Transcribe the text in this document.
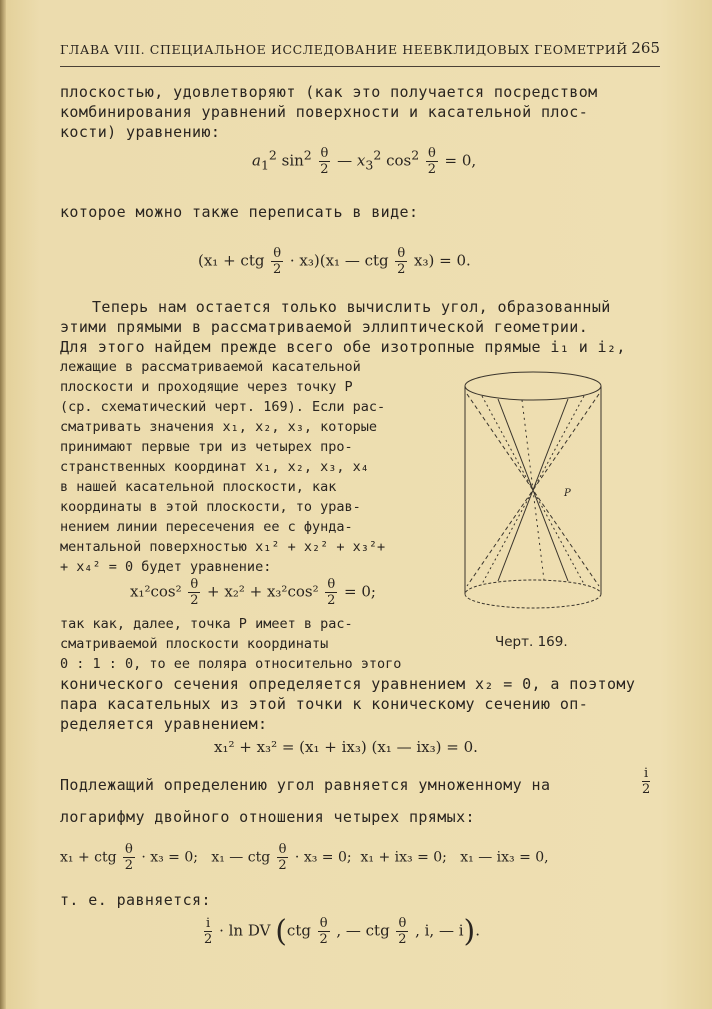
ГЛАВА VIII. СПЕЦИАЛЬНОЕ ИССЛЕДОВАНИЕ НЕЕВКЛИДОВЫХ ГЕОМЕТРИЙ 265
плоскостью, удовлетворяют (как это получается посредством
комбинирования уравнений поверхности и касательной плос-
кости) уравнению:
$a_1^2$ $\sin^2 \frac{\theta}{2}$ — $x_3^2$ $\cos^2 \frac{\theta}{2} = 0$,
которое можно также переписать в виде:
(x₁ + ctg $\frac{\theta}{2} \cdot x_3)(x_1$ — ctg $\frac{\theta}{2} x_3) = 0$.
Теперь нам остается только вычислить угол, образованный
этими прямыми в рассматриваемой эллиптической геометрии.
Для этого найдем прежде всего обе изотропные прямые i₁ и i₂,
лежащие в рассматриваемой касательной
плоскости и проходящие через точку P
(ср. схематический черт. 169). Если рас-
сматривать значения x₁, x₂, x₃, которые
принимают первые три из четырех про-
странственных координат x₁, x₂, x₃, x₄
в нашей касательной плоскости, как
координаты в этой плоскости, то урав-
нением линии пересечения ее с фунда-
ментальной поверхностью x₁² + x₂² + x₃²+
+ x₄² = 0 будет уравнение:
$x_1^2\cos^2 \frac{\theta}{2} + x_2^2 + x_3^2\cos^2 \frac{\theta}{2} = 0$;
так как, далее, точка P имеет в рас-
сматриваемой плоскости координаты
0 : 1 : 0, то ее поляра относительно этого
конического сечения определяется уравнением x₂ = 0, а поэтому
пара касательных из этой точки к коническому сечению оп-
ределяется уравнением:
x₁² + x₃² = (x₁ + ix₃) (x₁ — ix₃) = 0.
Подлежащий определению угол равняется умноженному на	$\frac{i}{2}$
логарифму двойного отношения четырех прямых:
x₁ + ctg $\frac{\theta}{2} \cdot x_3 = 0$; x₁ — ctg $\frac{\theta}{2} \cdot x_3 = 0$; x₁ + ix₃ = 0; x₁ — ix₃ = 0,
т. е. равняется:
$\frac{i}{2} \cdot \ln$ DV ($ctg \frac{\theta}{2}$ , — ctg $\frac{\theta}{2}$ , i, — i).
P
Черт. 169.
